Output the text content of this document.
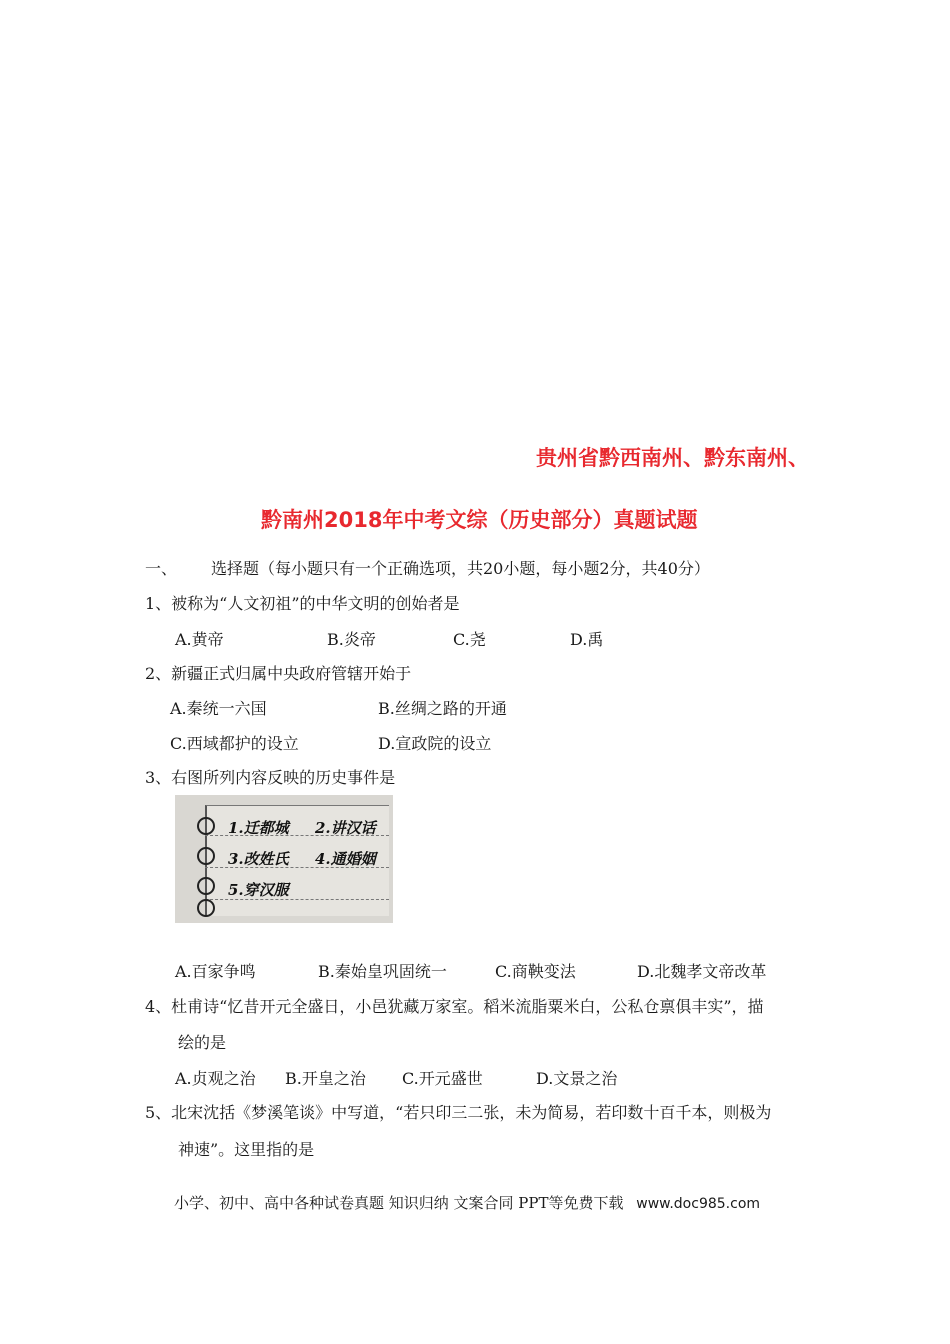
贵州省黔西南州、黔东南州、
黔南州2018年中考文综（历史部分）真题试题
一、 选择题（每小题只有一个正确选项，共20小题，每小题2分，共40分）
1、被称为“人文初祖”的中华文明的创始者是
A.黄帝	B.炎帝	C.尧	D.禹
2、新疆正式归属中央政府管辖开始于
A.秦统一六国	B.丝绸之路的开通
C.西域都护的设立	D.宣政院的设立
3、右图所列内容反映的历史事件是
1.迁都城 2.讲汉话
3.改姓氏 4.通婚姻
5.穿汉服
A.百家争鸣	B.秦始皇巩固统一	C.商鞅变法	D.北魏孝文帝改革
4、杜甫诗“忆昔开元全盛日，小邑犹藏万家室。稻米流脂粟米白，公私仓禀俱丰实”，描
绘的是
A.贞观之治 B.开皇之治 C.开元盛世	D.文景之治
5、北宋沈括《梦溪笔谈》中写道，“若只印三二张，未为简易，若印数十百千本，则极为
神速”。这里指的是
小学、初中、高中各种试卷真题 知识归纳 文案合同 PPT等免费下载 www.doc985.com
